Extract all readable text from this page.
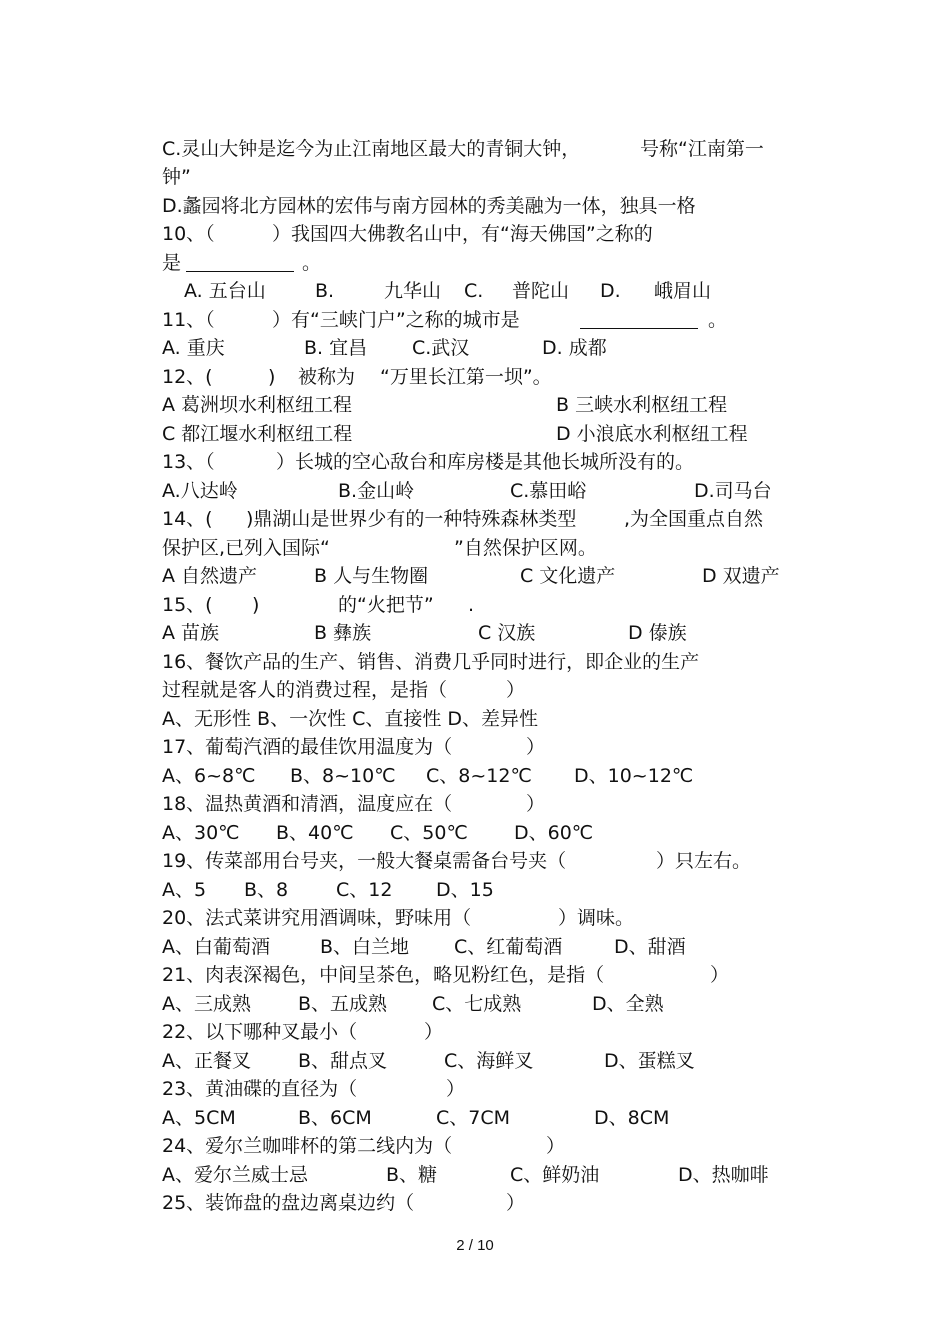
C.灵山大钟是迄今为止江南地区最大的青铜大钟，	号称“江南第一
钟”
D.蠡园将北方园林的宏伟与南方园林的秀美融为一体，独具一格
10、（	）我国四大佛教名山中，有“海天佛国”之称的
是	。
A. 五台山	B.	九华山 C. 普陀山 D. 峨眉山
11、（	）有“三峡门户”之称的城市是	。
A. 重庆	B. 宜昌 C.武汉	D. 成都
12、(	) 被称为 “万里长江第一坝”。
A 葛洲坝水利枢纽工程	B 三峡水利枢纽工程
C 都江堰水利枢纽工程	D 小浪底水利枢纽工程
13、（	）长城的空心敌台和库房楼是其他长城所没有的。
A.八达岭	B.金山岭	C.慕田峪	D.司马台
14、( )鼎湖山是世界少有的一种特殊森林类型	,为全国重点自然
保护区,已列入国际“	”自然保护区网。
A 自然遗产	B 人与生物圈	C 文化遗产	D 双遗产
15、( )	的“火把节” .
A 苗族	B 彝族	C 汉族	D 傣族
16、餐饮产品的生产、销售、消费几乎同时进行，即企业的生产
过程就是客人的消费过程，是指（	）
A、无形性 B、一次性 C、直接性 D、差异性
17、葡萄汽酒的最佳饮用温度为（	）
A、6~8℃ B、8~10℃ C、8~12℃ D、10~12℃
18、温热黄酒和清酒，温度应在（	）
A、30℃ B、40℃ C、50℃ D、60℃
19、传菜部用台号夹，一般大餐桌需备台号夹（	）只左右。
A、5 B、8	C、12 D、15
20、法式菜讲究用酒调味，野味用（	）调味。
A、白葡萄酒	B、白兰地 C、红葡萄酒	D、甜酒
21、肉表深褐色，中间呈茶色，略见粉红色，是指（	）
A、三成熟 B、五成熟 C、七成熟	D、全熟
22、以下哪种叉最小（	）
A、正餐叉 B、甜点叉	C、海鲜叉	D、蛋糕叉
23、黄油碟的直径为（	）
A、5CM	B、6CM	C、7CM	D、8CM
24、爱尔兰咖啡杯的第二线内为（	）
A、爱尔兰威士忌	B、糖	C、鲜奶油	D、热咖啡
25、装饰盘的盘边离桌边约（	）
2 / 10
